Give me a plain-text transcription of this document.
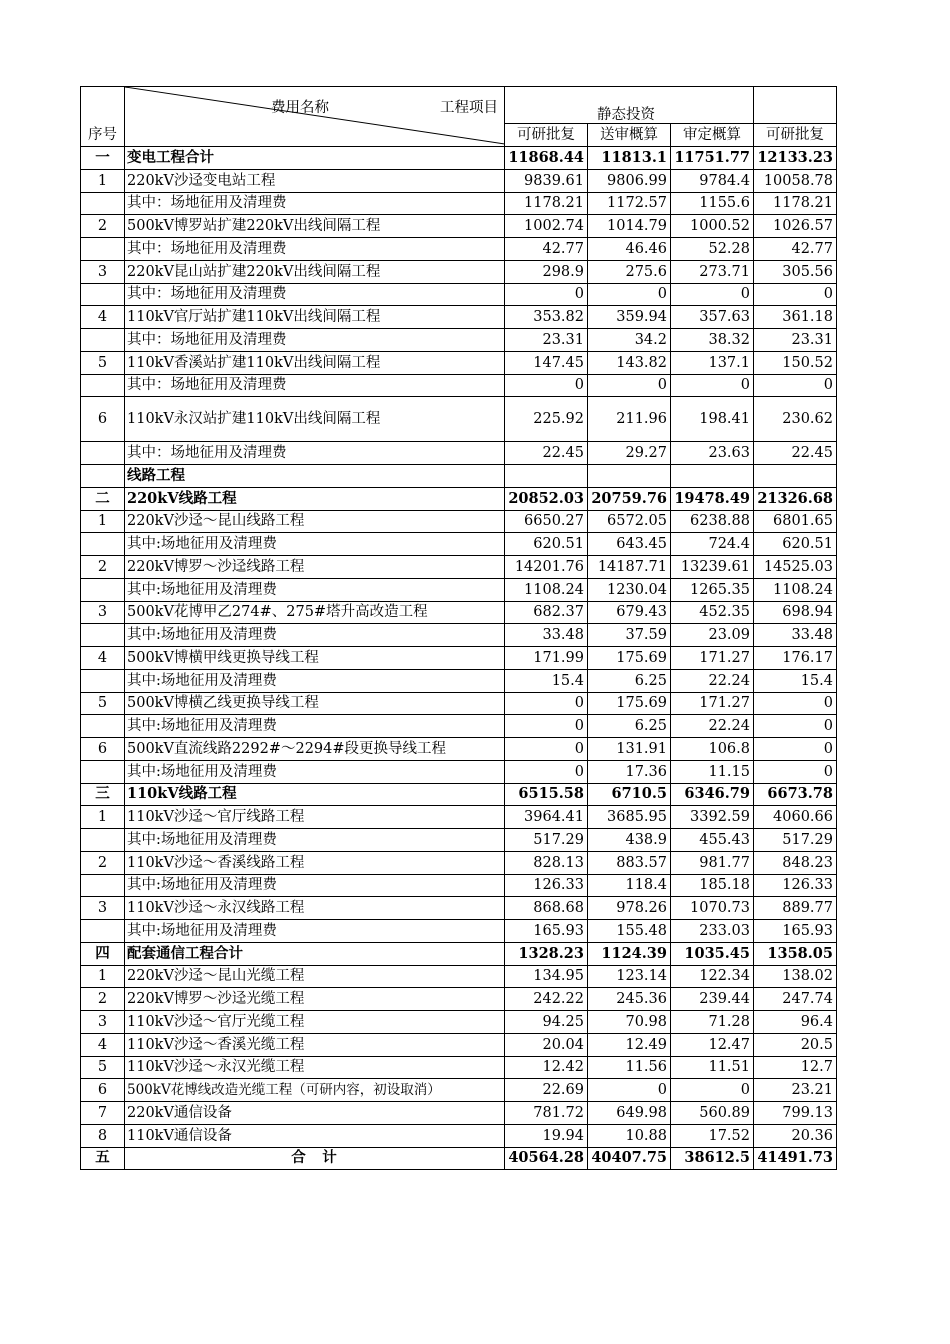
	费用名称 工程项目	静态投资			

序号		可研批复	送审概算	审定概算	可研批复
一	变电工程合计	11868.44	11813.1	11751.77	12133.23
1	220kV沙迳变电站工程	9839.61	9806.99	9784.4	10058.78
	其中：场地征用及清理费	1178.21	1172.57	1155.6	1178.21
2	500kV博罗站扩建220kV出线间隔工程	1002.74	1014.79	1000.52	1026.57
	其中：场地征用及清理费	42.77	46.46	52.28	42.77
3	220kV昆山站扩建220kV出线间隔工程	298.9	275.6	273.71	305.56
	其中：场地征用及清理费	0	0	0	0
4	110kV官厅站扩建110kV出线间隔工程	353.82	359.94	357.63	361.18
	其中：场地征用及清理费	23.31	34.2	38.32	23.31
5	110kV香溪站扩建110kV出线间隔工程	147.45	143.82	137.1	150.52
	其中：场地征用及清理费	0	0	0	0
6	110kV永汉站扩建110kV出线间隔工程	225.92	211.96	198.41	230.62
	其中：场地征用及清理费	22.45	29.27	23.63	22.45
	线路工程				
二	220kV线路工程	20852.03	20759.76	19478.49	21326.68
1	220kV沙迳～昆山线路工程	6650.27	6572.05	6238.88	6801.65
	其中:场地征用及清理费	620.51	643.45	724.4	620.51
2	220kV博罗～沙迳线路工程	14201.76	14187.71	13239.61	14525.03
	其中:场地征用及清理费	1108.24	1230.04	1265.35	1108.24
3	500kV花博甲乙274#、275#塔升高改造工程	682.37	679.43	452.35	698.94
	其中:场地征用及清理费	33.48	37.59	23.09	33.48
4	500kV博横甲线更换导线工程	171.99	175.69	171.27	176.17
	其中:场地征用及清理费	15.4	6.25	22.24	15.4
5	500kV博横乙线更换导线工程	0	175.69	171.27	0
	其中:场地征用及清理费	0	6.25	22.24	0
6	500kV直流线路2292#～2294#段更换导线工程	0	131.91	106.8	0
	其中:场地征用及清理费	0	17.36	11.15	0
三	110kV线路工程	6515.58	6710.5	6346.79	6673.78
1	110kV沙迳～官厅线路工程	3964.41	3685.95	3392.59	4060.66
	其中:场地征用及清理费	517.29	438.9	455.43	517.29
2	110kV沙迳～香溪线路工程	828.13	883.57	981.77	848.23
	其中:场地征用及清理费	126.33	118.4	185.18	126.33
3	110kV沙迳～永汉线路工程	868.68	978.26	1070.73	889.77
	其中:场地征用及清理费	165.93	155.48	233.03	165.93
四	配套通信工程合计	1328.23	1124.39	1035.45	1358.05
1	220kV沙迳～昆山光缆工程	134.95	123.14	122.34	138.02
2	220kV博罗～沙迳光缆工程	242.22	245.36	239.44	247.74
3	110kV沙迳～官厅光缆工程	94.25	70.98	71.28	96.4
4	110kV沙迳～香溪光缆工程	20.04	12.49	12.47	20.5
5	110kV沙迳～永汉光缆工程	12.42	11.56	11.51	12.7
6	500kV花博线改造光缆工程（可研内容，初设取消）	22.69	0	0	23.21
7	220kV通信设备	781.72	649.98	560.89	799.13
8	110kV通信设备	19.94	10.88	17.52	20.36
五	合　计	40564.28	40407.75	38612.5	41491.73
